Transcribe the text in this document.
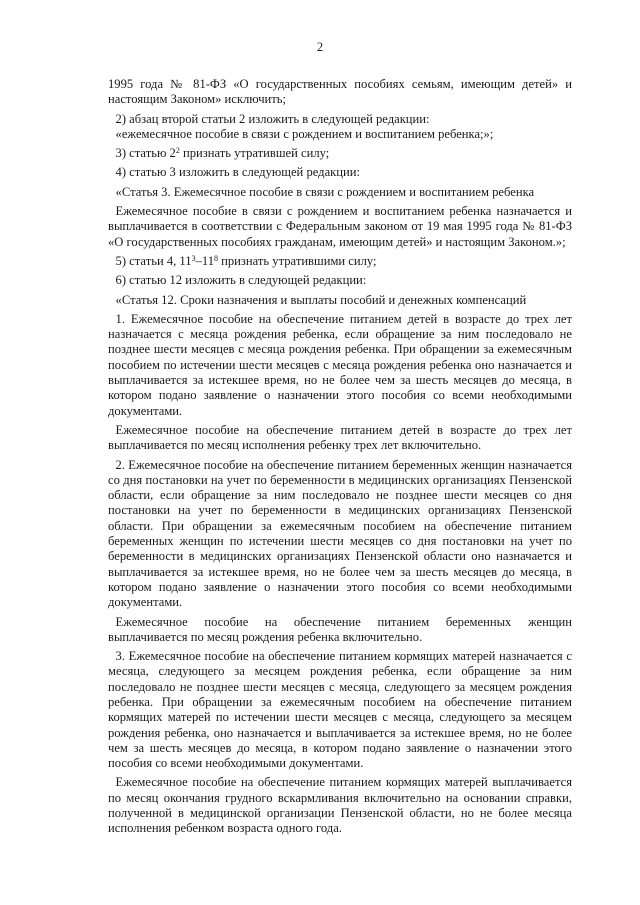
2

1995 года № 81-ФЗ «О государственных пособиях семьям, имеющим детей» и настоящим Законом» исключить;

2) абзац второй статьи 2 изложить в следующей редакции:

«ежемесячное пособие в связи с рождением и воспитанием ребенка;»;

3) статью $2^2$ признать утратившей силу;

4) статью 3 изложить в следующей редакции:

«Статья 3. Ежемесячное пособие в связи с рождением и воспитанием ребенка

Ежемесячное пособие в связи с рождением и воспитанием ребенка назначается и выплачивается в соответствии с Федеральным законом от 19 мая 1995 года № 81-ФЗ «О государственных пособиях гражданам, имеющим детей» и настоящим Законом.»;

5) статьи 4, $11^3-11^8$ признать утратившими силу;

6) статью 12 изложить в следующей редакции:

«Статья 12. Сроки назначения и выплаты пособий и денежных компенсаций

1. Ежемесячное пособие на обеспечение питанием детей в возрасте до трех лет назначается с месяца рождения ребенка, если обращение за ним последовало не позднее шести месяцев с месяца рождения ребенка. При обращении за ежемесячным пособием по истечении шести месяцев с месяца рождения ребенка оно назначается и выплачивается за истекшее время, но не более чем за шесть месяцев до месяца, в котором подано заявление о назначении этого пособия со всеми необходимыми документами.

Ежемесячное пособие на обеспечение питанием детей в возрасте до трех лет выплачивается по месяц исполнения ребенку трех лет включительно.

2. Ежемесячное пособие на обеспечение питанием беременных женщин назначается со дня постановки на учет по беременности в медицинских организациях Пензенской области, если обращение за ним последовало не позднее шести месяцев со дня постановки на учет по беременности в медицинских организациях Пензенской области. При обращении за ежемесячным пособием на обеспечение питанием беременных женщин по истечении шести месяцев со дня постановки на учет по беременности в медицинских организациях Пензенской области оно назначается и выплачивается за истекшее время, но не более чем за шесть месяцев до месяца, в котором подано заявление о назначении этого пособия со всеми необходимыми документами.

Ежемесячное пособие на обеспечение питанием беременных женщин выплачивается по месяц рождения ребенка включительно.

3. Ежемесячное пособие на обеспечение питанием кормящих матерей назначается с месяца, следующего за месяцем рождения ребенка, если обращение за ним последовало не позднее шести месяцев с месяца, следующего за месяцем рождения ребенка. При обращении за ежемесячным пособием на обеспечение питанием кормящих матерей по истечении шести месяцев с месяца, следующего за месяцем рождения ребенка, оно назначается и выплачивается за истекшее время, но не более чем за шесть месяцев до месяца, в котором подано заявление о назначении этого пособия со всеми необходимыми документами.

Ежемесячное пособие на обеспечение питанием кормящих матерей выплачивается по месяц окончания грудного вскармливания включительно на основании справки, полученной в медицинской организации Пензенской области, но не более месяца исполнения ребенком возраста одного года.
